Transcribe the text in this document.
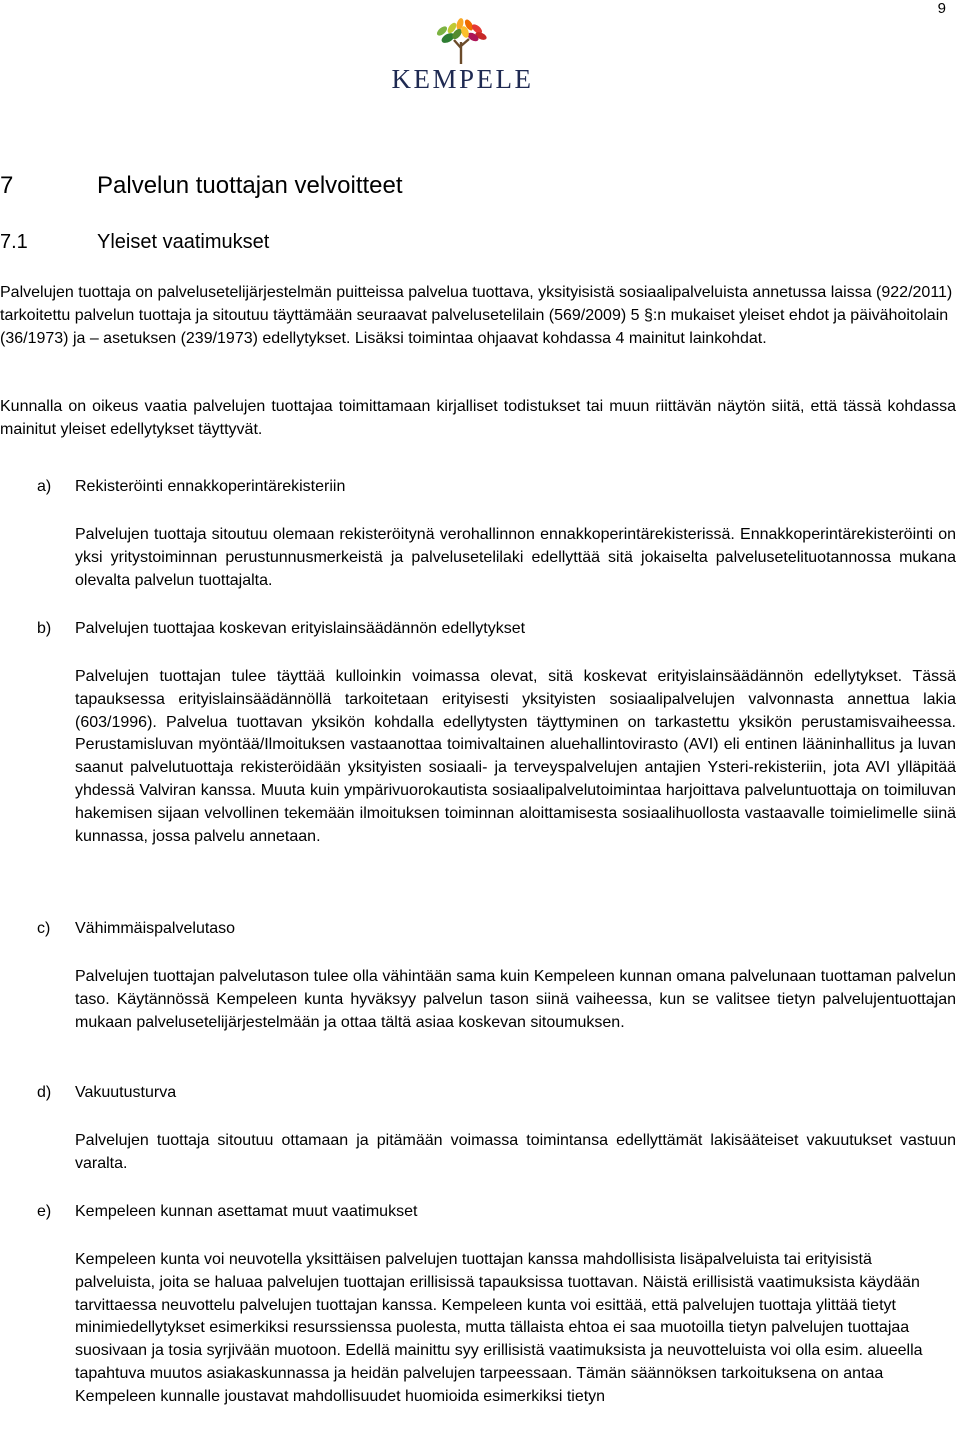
9
KEMPELE
7	Palvelun tuottajan velvoitteet
7.1	Yleiset vaatimukset

Palvelujen tuottaja on palvelusetelijärjestelmän puitteissa palvelua tuottava, yksityisistä sosiaalipalveluista annetussa laissa (922/2011) tarkoitettu palvelun tuottaja ja sitoutuu täyttämään seuraavat palvelusetelilain (569/2009) 5 §:n mukaiset yleiset ehdot ja päivähoitolain (36/1973) ja – asetuksen (239/1973) edellytykset. Lisäksi toimintaa ohjaavat kohdassa 4 mainitut lainkohdat.

Kunnalla on oikeus vaatia palvelujen tuottajaa toimittamaan kirjalliset todistukset tai muun riittävän näytön siitä, että tässä kohdassa mainitut yleiset edellytykset täyttyvät.

a) Rekisteröinti ennakkoperintärekisteriin

Palvelujen tuottaja sitoutuu olemaan rekisteröitynä verohallinnon ennakkoperintärekisterissä. Ennakkoperintärekisteröinti on yksi yritystoiminnan perustunnusmerkeistä ja palvelusetelilaki edellyttää sitä jokaiselta palvelusetelituotannossa mukana olevalta palvelun tuottajalta.

b) Palvelujen tuottajaa koskevan erityislainsäädännön edellytykset

Palvelujen tuottajan tulee täyttää kulloinkin voimassa olevat, sitä koskevat erityislainsäädännön edellytykset. Tässä tapauksessa erityislainsäädännöllä tarkoitetaan erityisesti yksityisten sosiaalipalvelujen valvonnasta annettua lakia (603/1996). Palvelua tuottavan yksikön kohdalla edellytysten täyttyminen on tarkastettu yksikön perustamisvaiheessa. Perustamisluvan myöntää/Ilmoituksen vastaanottaa toimivaltainen aluehallintovirasto (AVI) eli entinen lääninhallitus ja luvan saanut palvelutuottaja rekisteröidään yksityisten sosiaali- ja terveyspalvelujen antajien Ysteri-rekisteriin, jota AVI ylläpitää yhdessä Valviran kanssa. Muuta kuin ympärivuorokautista sosiaalipalvelutoimintaa harjoittava palveluntuottaja on toimiluvan hakemisen sijaan velvollinen tekemään ilmoituksen toiminnan aloittamisesta sosiaalihuollosta vastaavalle toimielimelle siinä kunnassa, jossa palvelu annetaan.

c) Vähimmäispalvelutaso

Palvelujen tuottajan palvelutason tulee olla vähintään sama kuin Kempeleen kunnan omana palvelunaan tuottaman palvelun taso. Käytännössä Kempeleen kunta hyväksyy palvelun tason siinä vaiheessa, kun se valitsee tietyn palvelujentuottajan mukaan palvelusetelijärjestelmään ja ottaa tältä asiaa koskevan sitoumuksen.

d) Vakuutusturva

Palvelujen tuottaja sitoutuu ottamaan ja pitämään voimassa toimintansa edellyttämät lakisääteiset vakuutukset vastuun varalta.

e) Kempeleen kunnan asettamat muut vaatimukset

Kempeleen kunta voi neuvotella yksittäisen palvelujen tuottajan kanssa mahdollisista lisäpalveluista tai erityisistä palveluista, joita se haluaa palvelujen tuottajan erillisissä tapauksissa tuottavan. Näistä erillisistä vaatimuksista käydään tarvittaessa neuvottelu palvelujen tuottajan kanssa. Kempeleen kunta voi esittää, että palvelujen tuottaja ylittää tietyt minimiedellytykset esimerkiksi resurssienssa puolesta, mutta tällaista ehtoa ei saa muotoilla tietyn palvelujen tuottajaa suosivaan ja tosia syrjivään muotoon. Edellä mainittu syy erillisistä vaatimuksista ja neuvotteluista voi olla esim. alueella tapahtuva muutos asiakaskunnassa ja heidän palvelujen tarpeessaan. Tämän säännöksen tarkoituksena on antaa Kempeleen kunnalle joustavat mahdollisuudet huomioida esimerkiksi tietyn
